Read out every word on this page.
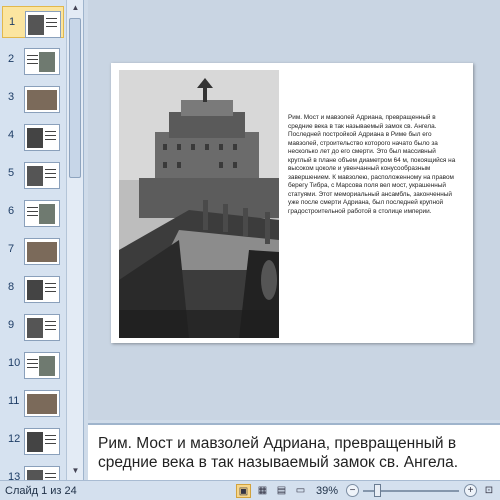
1
2
3
4
5
6
7
8
9
10
11
12
13
▲
▼
Рим. Мост и мавзолей Адриана, превращенный в средние века в так называемый замок св. Ангела. Последней постройкой Адриана в Риме был его мавзолей, строительство которого начато было за несколько лет до его смерти. Это был массивный круглый в плане объем диаметром 64 м, покоящийся на высоком цоколе и увенчанный конусообразным завершением. К мавзолею, расположенному на правом берегу Тибра, с Марсова поля вел мост, украшенный статуями. Этот мемориальный ансамбль, законченный уже после смерти Адриана, был последней крупной градостроительной работой в столице империи.
Рим. Мост и мавзолей Адриана, превращенный в средние века в так называемый замок св. Ангела.
Слайд 1 из 24	▣ ▦ ▤ ▭ 39%	−	+	⊡
